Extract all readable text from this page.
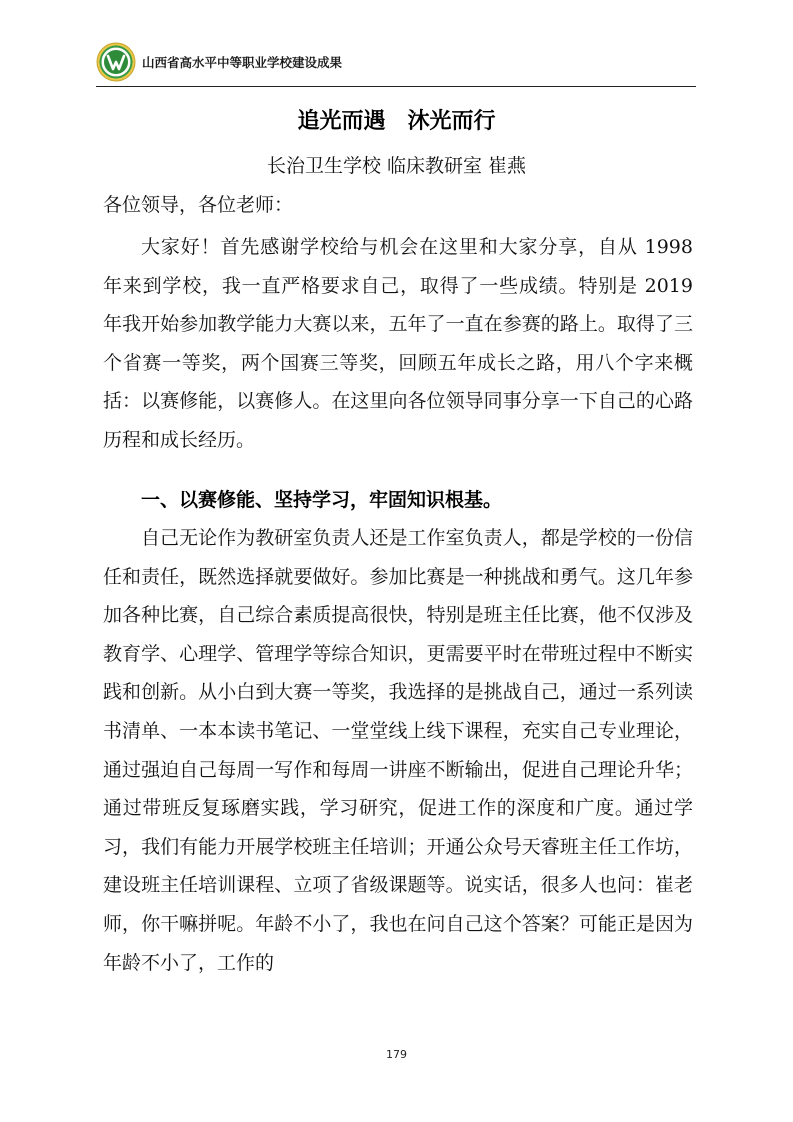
山西省高水平中等职业学校建设成果
追光而遇　沐光而行
长治卫生学校 临床教研室 崔燕
各位领导，各位老师：

大家好！首先感谢学校给与机会在这里和大家分享，自从 1998 年来到学校，我一直严格要求自己，取得了一些成绩。特别是 2019 年我开始参加教学能力大赛以来，五年了一直在参赛的路上。取得了三个省赛一等奖，两个国赛三等奖，回顾五年成长之路，用八个字来概括：以赛修能，以赛修人。在这里向各位领导同事分享一下自己的心路历程和成长经历。

一、以赛修能、坚持学习，牢固知识根基。

自己无论作为教研室负责人还是工作室负责人，都是学校的一份信任和责任，既然选择就要做好。参加比赛是一种挑战和勇气。这几年参加各种比赛，自己综合素质提高很快，特别是班主任比赛，他不仅涉及教育学、心理学、管理学等综合知识，更需要平时在带班过程中不断实践和创新。从小白到大赛一等奖，我选择的是挑战自己，通过一系列读书清单、一本本读书笔记、一堂堂线上线下课程，充实自己专业理论，通过强迫自己每周一写作和每周一讲座不断输出，促进自己理论升华；通过带班反复琢磨实践，学习研究，促进工作的深度和广度。通过学习，我们有能力开展学校班主任培训；开通公众号天睿班主任工作坊，建设班主任培训课程、立项了省级课题等。说实话，很多人也问：崔老师，你干嘛拼呢。年龄不小了，我也在问自己这个答案？可能正是因为年龄不小了，工作的

179
